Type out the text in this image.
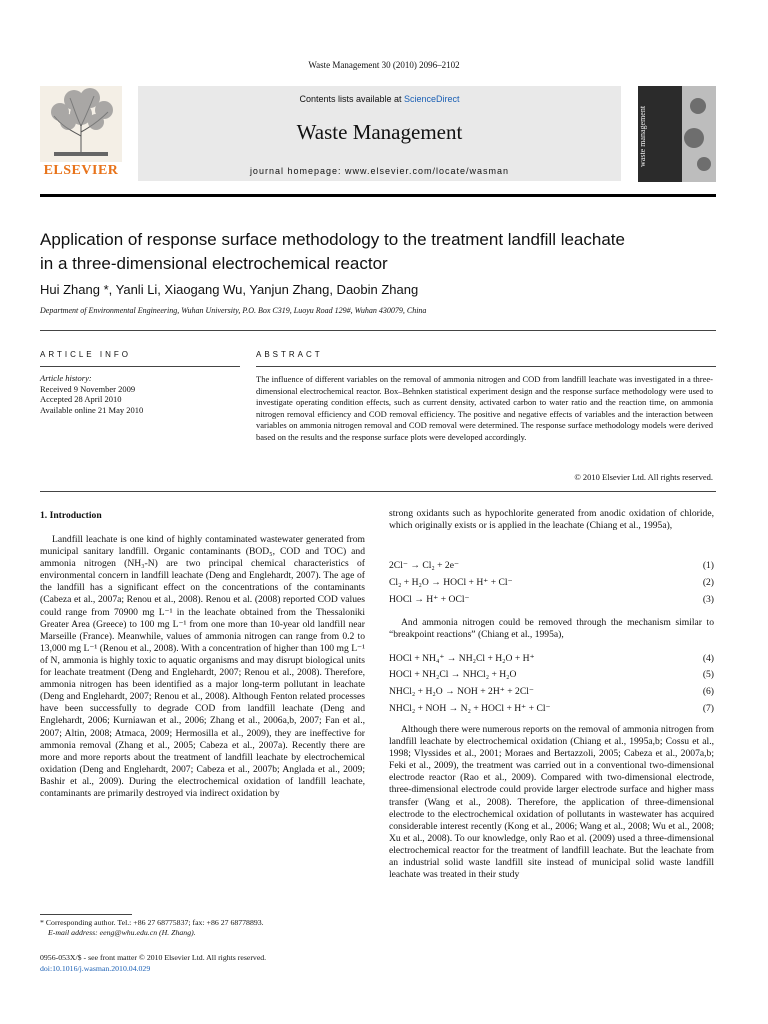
Waste Management 30 (2010) 2096–2102
ELSEVIER
Contents lists available at ScienceDirect
Waste Management
journal homepage: www.elsevier.com/locate/wasman
waste management
Application of response surface methodology to the treatment landfill leachate
in a three-dimensional electrochemical reactor
Hui Zhang *, Yanli Li, Xiaogang Wu, Yanjun Zhang, Daobin Zhang
Department of Environmental Engineering, Wuhan University, P.O. Box C319, Luoyu Road 129#, Wuhan 430079, China
ARTICLE INFO	ABSTRACT
Article history:
Received 9 November 2009
Accepted 28 April 2010
Available online 21 May 2010
The influence of different variables on the removal of ammonia nitrogen and COD from landfill leachate was investigated in a three-dimensional electrochemical reactor. Box–Behnken statistical experiment design and the response surface methodology were used to investigate operating condition effects, such as current density, activated carbon to water ratio and the reaction time, on ammonia nitrogen removal efficiency and COD removal efficiency. The positive and negative effects of variables and the interaction between variables on ammonia nitrogen removal and COD removal were determined. The response surface methodology models were derived based on the results and the response surface plots were developed accordingly.
© 2010 Elsevier Ltd. All rights reserved.
1. Introduction
Landfill leachate is one kind of highly contaminated wastewater generated from municipal sanitary landfill. Organic contaminants (BOD₅, COD and TOC) and ammonia nitrogen (NH₃-N) are two principal chemical characteristics of environmental concern in landfill leachate (Deng and Englehardt, 2007). The age of the landfill has a significant effect on the concentrations of the contaminants (Cabeza et al., 2007a; Renou et al., 2008). Renou et al. (2008) reported COD values could range from 70900 mg L⁻¹ in the leachate obtained from the Thessaloniki Greater Area (Greece) to 100 mg L⁻¹ from one more than 10-year old landfill near Marseille (France). Meanwhile, values of ammonia nitrogen can range from 0.2 to 13,000 mg L⁻¹ (Renou et al., 2008). With a concentration of higher than 100 mg L⁻¹ of N, ammonia is highly toxic to aquatic organisms and may disrupt biological units for leachate treatment (Deng and Englehardt, 2007; Renou et al., 2008). Therefore, ammonia nitrogen has been identified as a major long-term pollutant in leachate (Deng and Englehardt, 2007; Renou et al., 2008). Although Fenton related processes have been successfully to degrade COD from landfill leachate (Deng and Englehardt, 2006; Kurniawan et al., 2006; Zhang et al., 2006a,b, 2007; Fan et al., 2007; Altin, 2008; Atmaca, 2009; Hermosilla et al., 2009), they are ineffective for ammonia removal (Zhang et al., 2005; Cabeza et al., 2007a). Recently there are more and more reports about the treatment of landfill leachate by electrochemical oxidation (Deng and Englehardt, 2007; Cabeza et al., 2007b; Anglada et al., 2009; Bashir et al., 2009). During the electrochemical oxidation of landfill leachate, contaminants are primarily destroyed via indirect oxidation by
strong oxidants such as hypochlorite generated from anodic oxidation of chloride, which originally exists or is applied in the leachate (Chiang et al., 1995a),
2Cl⁻ → Cl₂ + 2e⁻	(1)
Cl₂ + H₂O → HOCl + H⁺ + Cl⁻	(2)
HOCl → H⁺ + OCl⁻	(3)
And ammonia nitrogen could be removed through the mechanism similar to “breakpoint reactions” (Chiang et al., 1995a),
HOCl + NH₄⁺ → NH₂Cl + H₂O + H⁺	(4)
HOCl + NH₂Cl → NHCl₂ + H₂O	(5)
NHCl₂ + H₂O → NOH + 2H⁺ + 2Cl⁻	(6)
NHCl₂ + NOH → N₂ + HOCl + H⁺ + Cl⁻	(7)
Although there were numerous reports on the removal of ammonia nitrogen from landfill leachate by electrochemical oxidation (Chiang et al., 1995a,b; Cossu et al., 1998; Vlyssides et al., 2001; Moraes and Bertazzoli, 2005; Cabeza et al., 2007a,b; Feki et al., 2009), the treatment was carried out in a conventional two-dimensional electrode reactor (Rao et al., 2009). Compared with two-dimensional electrode, three-dimensional electrode could provide larger electrode surface and higher mass transfer (Wang et al., 2008). Therefore, the application of three-dimensional electrode to the electrochemical oxidation of pollutants in wastewater has acquired considerable interest recently (Kong et al., 2006; Wang et al., 2008; Wu et al., 2008; Xu et al., 2008). To our knowledge, only Rao et al. (2009) used a three-dimensional electrochemical reactor for the treatment of landfill leachate. But the leachate from an industrial solid waste landfill site instead of municipal solid waste landfill leachate was treated in their study
* Corresponding author. Tel.: +86 27 68775837; fax: +86 27 68778893.
E-mail address: eeng@whu.edu.cn (H. Zhang).
0956-053X/$ - see front matter © 2010 Elsevier Ltd. All rights reserved.
doi:10.1016/j.wasman.2010.04.029
